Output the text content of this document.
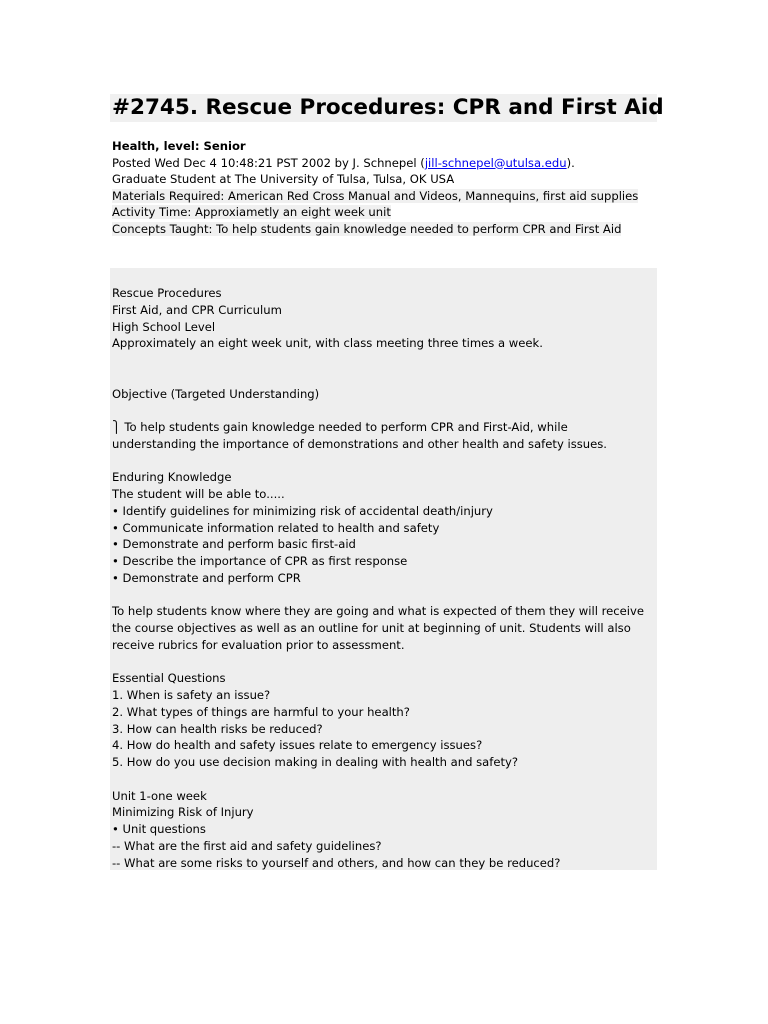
#2745. Rescue Procedures: CPR and First Aid
Health, level: Senior
Posted Wed Dec 4 10:48:21 PST 2002 by J. Schnepel (jill-schnepel@utulsa.edu).
Graduate Student at The University of Tulsa, Tulsa, OK USA
Materials Required: American Red Cross Manual and Videos, Mannequins, first aid supplies
Activity Time: Approxiametly an eight week unit
Concepts Taught: To help students gain knowledge needed to perform CPR and First Aid
Rescue Procedures
First Aid, and CPR Curriculum
High School Level
Approximately an eight week unit, with class meeting three times a week.
Objective (Targeted Understanding)
⎫ To help students gain knowledge needed to perform CPR and First-Aid, while
understanding the importance of demonstrations and other health and safety issues.
Enduring Knowledge
The student will be able to.....
• Identify guidelines for minimizing risk of accidental death/injury
• Communicate information related to health and safety
• Demonstrate and perform basic first-aid
• Describe the importance of CPR as first response
• Demonstrate and perform CPR
To help students know where they are going and what is expected of them they will receive
the course objectives as well as an outline for unit at beginning of unit. Students will also
receive rubrics for evaluation prior to assessment.
Essential Questions
1. When is safety an issue?
2. What types of things are harmful to your health?
3. How can health risks be reduced?
4. How do health and safety issues relate to emergency issues?
5. How do you use decision making in dealing with health and safety?
Unit 1-one week
Minimizing Risk of Injury
• Unit questions
-- What are the first aid and safety guidelines?
-- What are some risks to yourself and others, and how can they be reduced?
